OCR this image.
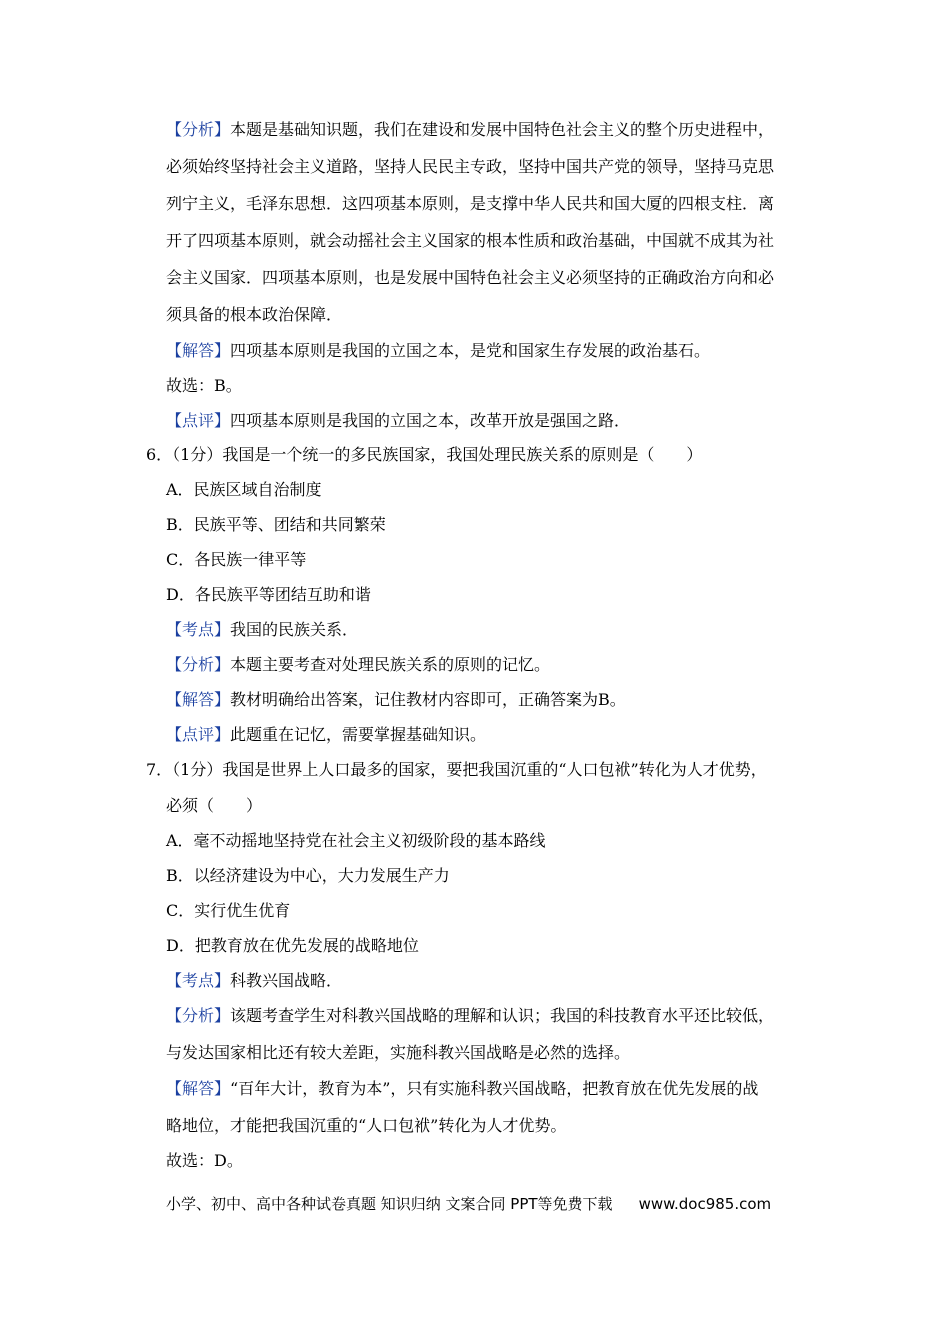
【分析】本题是基础知识题，我们在建设和发展中国特色社会主义的整个历史进程中，
必须始终坚持社会主义道路，坚持人民民主专政，坚持中国共产党的领导，坚持马克思
列宁主义，毛泽东思想．这四项基本原则，是支撑中华人民共和国大厦的四根支柱．离
开了四项基本原则，就会动摇社会主义国家的根本性质和政治基础，中国就不成其为社
会主义国家．四项基本原则，也是发展中国特色社会主义必须坚持的正确政治方向和必
须具备的根本政治保障．
【解答】四项基本原则是我国的立国之本，是党和国家生存发展的政治基石。
故选：B。
【点评】四项基本原则是我国的立国之本，改革开放是强国之路．
6．（1分）我国是一个统一的多民族国家，我国处理民族关系的原则是（　　）
A．民族区域自治制度
B．民族平等、团结和共同繁荣
C．各民族一律平等
D．各民族平等团结互助和谐
【考点】我国的民族关系．
【分析】本题主要考查对处理民族关系的原则的记忆。
【解答】教材明确给出答案，记住教材内容即可，正确答案为B。
【点评】此题重在记忆，需要掌握基础知识。
7．（1分）我国是世界上人口最多的国家，要把我国沉重的“人口包袱”转化为人才优势，
必须（　　）
A．毫不动摇地坚持党在社会主义初级阶段的基本路线
B．以经济建设为中心，大力发展生产力
C．实行优生优育
D．把教育放在优先发展的战略地位
【考点】科教兴国战略．
【分析】该题考查学生对科教兴国战略的理解和认识；我国的科技教育水平还比较低，
与发达国家相比还有较大差距，实施科教兴国战略是必然的选择。
【解答】“百年大计，教育为本”，只有实施科教兴国战略，把教育放在优先发展的战
略地位，才能把我国沉重的“人口包袱”转化为人才优势。
故选：D。
小学、初中、高中各种试卷真题 知识归纳 文案合同 PPT等免费下载 www.doc985.com
